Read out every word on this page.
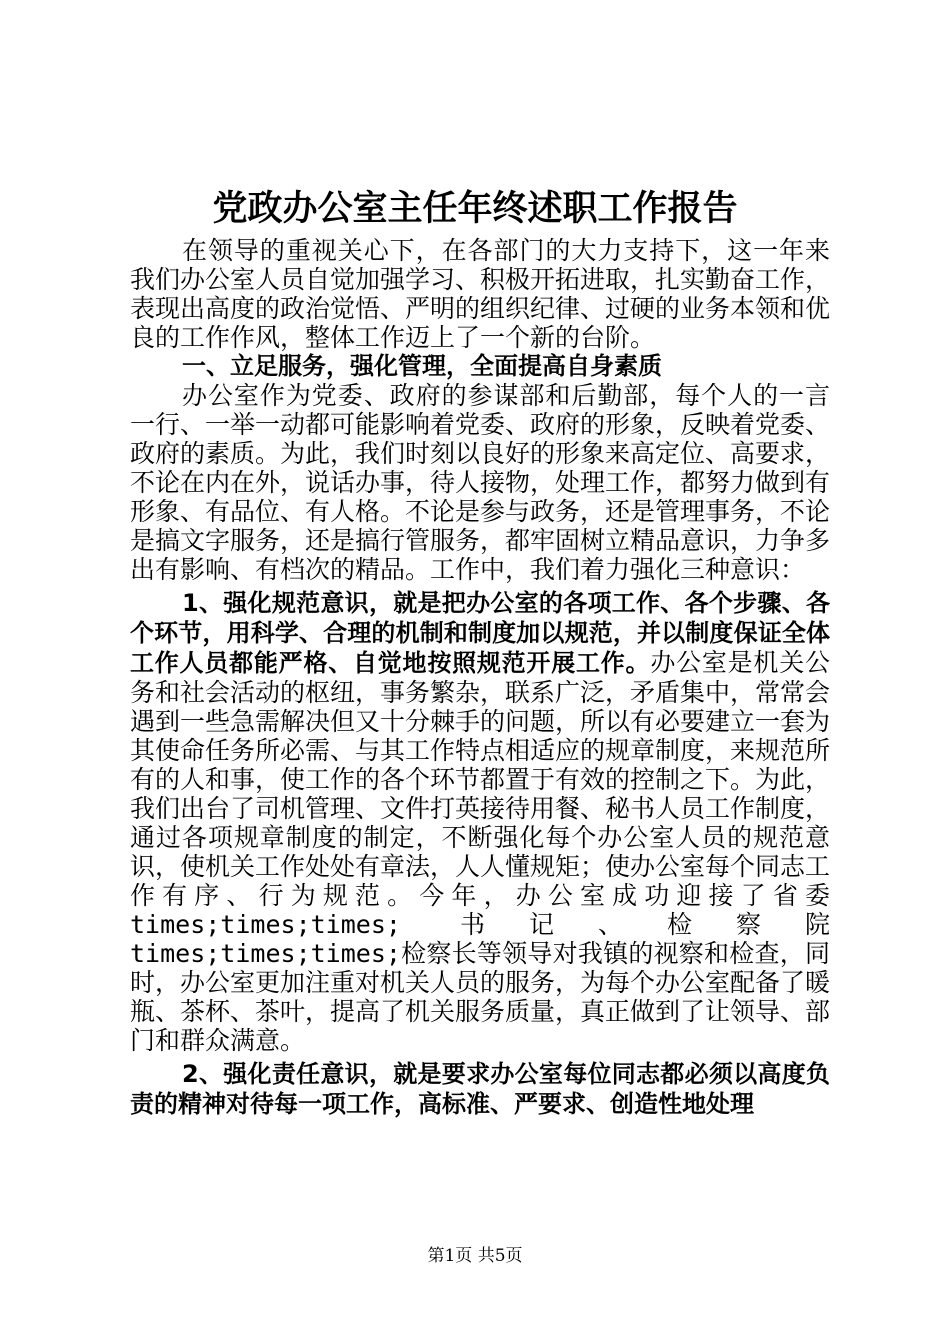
党政办公室主任年终述职工作报告

在领导的重视关心下，在各部门的大力支持下，这一年来我们办公室人员自觉加强学习、积极开拓进取，扎实勤奋工作，表现出高度的政治觉悟、严明的组织纪律、过硬的业务本领和优良的工作作风，整体工作迈上了一个新的台阶。

一、立足服务，强化管理，全面提高自身素质

办公室作为党委、政府的参谋部和后勤部，每个人的一言一行、一举一动都可能影响着党委、政府的形象，反映着党委、政府的素质。为此，我们时刻以良好的形象来高定位、高要求，不论在内在外，说话办事，待人接物，处理工作，都努力做到有形象、有品位、有人格。不论是参与政务，还是管理事务，不论是搞文字服务，还是搞行管服务，都牢固树立精品意识，力争多出有影响、有档次的精品。工作中，我们着力强化三种意识：

1、强化规范意识，就是把办公室的各项工作、各个步骤、各个环节，用科学、合理的机制和制度加以规范，并以制度保证全体工作人员都能严格、自觉地按照规范开展工作。办公室是机关公务和社会活动的枢纽，事务繁杂，联系广泛，矛盾集中，常常会遇到一些急需解决但又十分棘手的问题，所以有必要建立一套为其使命任务所必需、与其工作特点相适应的规章制度，来规范所有的人和事，使工作的各个环节都置于有效的控制之下。为此，我们出台了司机管理、文件打英接待用餐、秘书人员工作制度，通过各项规章制度的制定，不断强化每个办公室人员的规范意识，使机关工作处处有章法，人人懂规矩；使办公室每个同志工作有序、行为规范。今年，办公室成功迎接了省委 times;times;times; 书记、检察院 times;times;times;检察长等领导对我镇的视察和检查，同时，办公室更加注重对机关人员的服务，为每个办公室配备了暖瓶、茶杯、茶叶，提高了机关服务质量，真正做到了让领导、部门和群众满意。

2、强化责任意识，就是要求办公室每位同志都必须以高度负责的精神对待每一项工作，高标准、严要求、创造性地处理

第1页 共5页
